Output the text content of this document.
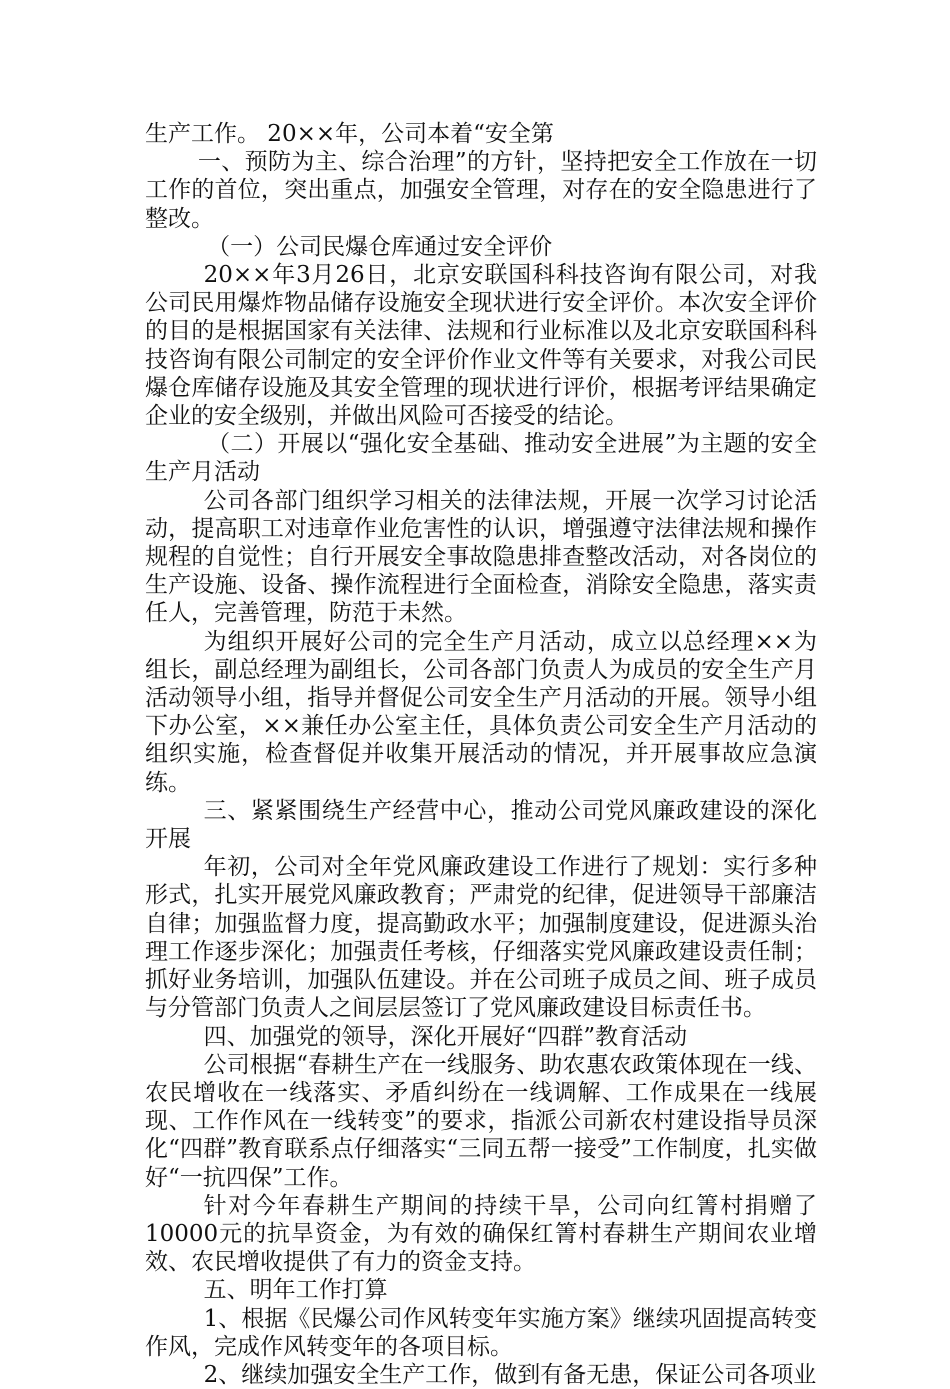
生产工作。 20××年，公司本着“安全第

一、预防为主、综合治理”的方针，坚持把安全工作放在一切工作的首位，突出重点，加强安全管理，对存在的安全隐患进行了整改。

（一）公司民爆仓库通过安全评价

20××年3月26日，北京安联国科科技咨询有限公司，对我公司民用爆炸物品储存设施安全现状进行安全评价。本次安全评价的目的是根据国家有关法律、法规和行业标准以及北京安联国科科技咨询有限公司制定的安全评价作业文件等有关要求，对我公司民爆仓库储存设施及其安全管理的现状进行评价，根据考评结果确定企业的安全级别，并做出风险可否接受的结论。

（二）开展以“强化安全基础、推动安全进展”为主题的安全生产月活动

公司各部门组织学习相关的法律法规，开展一次学习讨论活动，提高职工对违章作业危害性的认识，增强遵守法律法规和操作规程的自觉性；自行开展安全事故隐患排查整改活动，对各岗位的生产设施、设备、操作流程进行全面检查，消除安全隐患，落实责任人，完善管理，防范于未然。

为组织开展好公司的完全生产月活动，成立以总经理××为组长，副总经理为副组长，公司各部门负责人为成员的安全生产月活动领导小组，指导并督促公司安全生产月活动的开展。领导小组下办公室，××兼任办公室主任，具体负责公司安全生产月活动的组织实施，检查督促并收集开展活动的情况，并开展事故应急演练。

三、紧紧围绕生产经营中心，推动公司党风廉政建设的深化开展

年初，公司对全年党风廉政建设工作进行了规划：实行多种形式，扎实开展党风廉政教育；严肃党的纪律，促进领导干部廉洁自律；加强监督力度，提高勤政水平；加强制度建设，促进源头治理工作逐步深化；加强责任考核，仔细落实党风廉政建设责任制；抓好业务培训，加强队伍建设。并在公司班子成员之间、班子成员与分管部门负责人之间层层签订了党风廉政建设目标责任书。

四、加强党的领导，深化开展好“四群”教育活动

公司根据“春耕生产在一线服务、助农惠农政策体现在一线、农民增收在一线落实、矛盾纠纷在一线调解、工作成果在一线展现、工作作风在一线转变”的要求，指派公司新农村建设指导员深化“四群”教育联系点仔细落实“三同五帮一接受”工作制度，扎实做好“一抗四保”工作。

针对今年春耕生产期间的持续干旱，公司向红箐村捐赠了10000元的抗旱资金，为有效的确保红箐村春耕生产期间农业增效、农民增收提供了有力的资金支持。

五、明年工作打算

1、根据《民爆公司作风转变年实施方案》继续巩固提高转变作风，完成作风转变年的各项目标。

2、继续加强安全生产工作，做到有备无患，保证公司各项业
